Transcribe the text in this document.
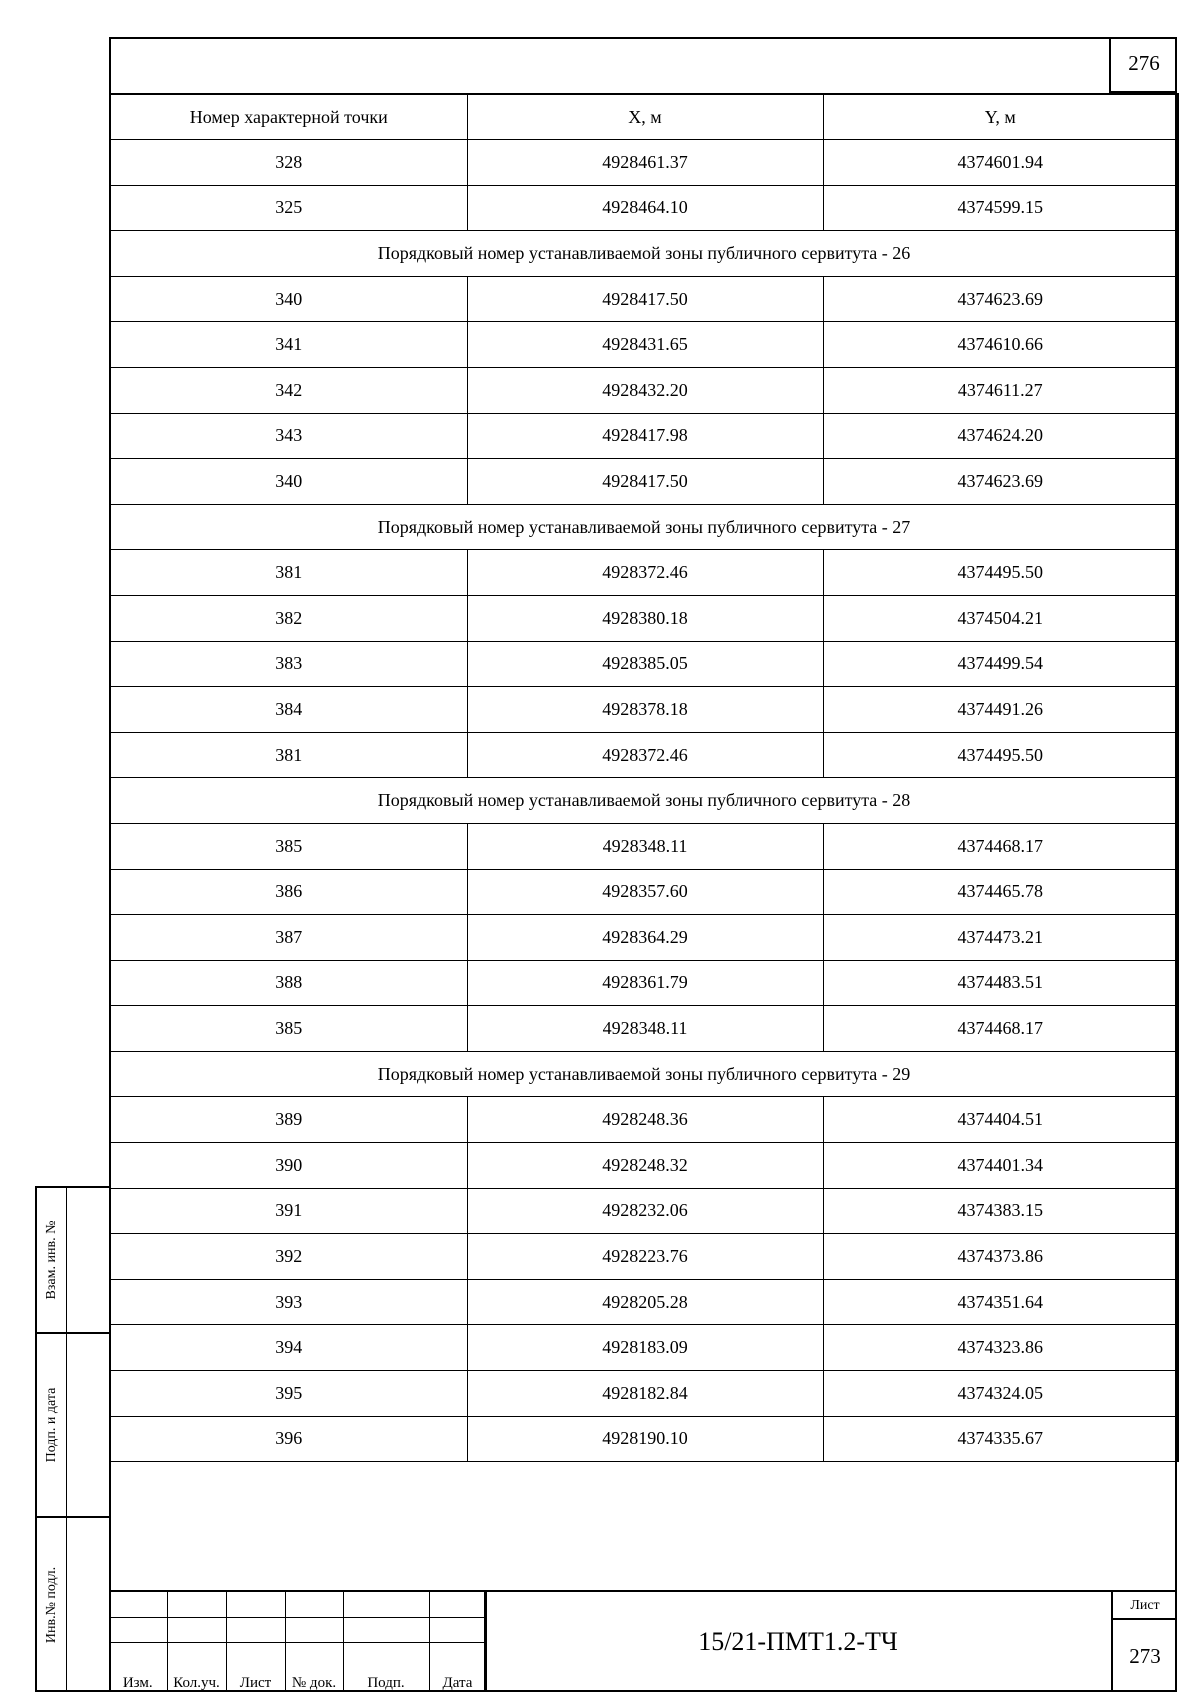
276
Номер характерной точки	X, м	Y, м
328	4928461.37	4374601.94
325	4928464.10	4374599.15
Порядковый номер устанавливаемой зоны публичного сервитута - 26		
340	4928417.50	4374623.69
341	4928431.65	4374610.66
342	4928432.20	4374611.27
343	4928417.98	4374624.20
340	4928417.50	4374623.69
Порядковый номер устанавливаемой зоны публичного сервитута - 27		
381	4928372.46	4374495.50
382	4928380.18	4374504.21
383	4928385.05	4374499.54
384	4928378.18	4374491.26
381	4928372.46	4374495.50
Порядковый номер устанавливаемой зоны публичного сервитута - 28		
385	4928348.11	4374468.17
386	4928357.60	4374465.78
387	4928364.29	4374473.21
388	4928361.79	4374483.51
385	4928348.11	4374468.17
Порядковый номер устанавливаемой зоны публичного сервитута - 29		
389	4928248.36	4374404.51
390	4928248.32	4374401.34
391	4928232.06	4374383.15
392	4928223.76	4374373.86
393	4928205.28	4374351.64
394	4928183.09	4374323.86
395	4928182.84	4374324.05
396	4928190.10	4374335.67

Изм.	Кол.уч.	Лист	№ док.	Подп.	Дата
15/21-ПМТ1.2-ТЧ
Лист
273
Взам. инв. №
Подп. и дата
Инв.№ подл.
